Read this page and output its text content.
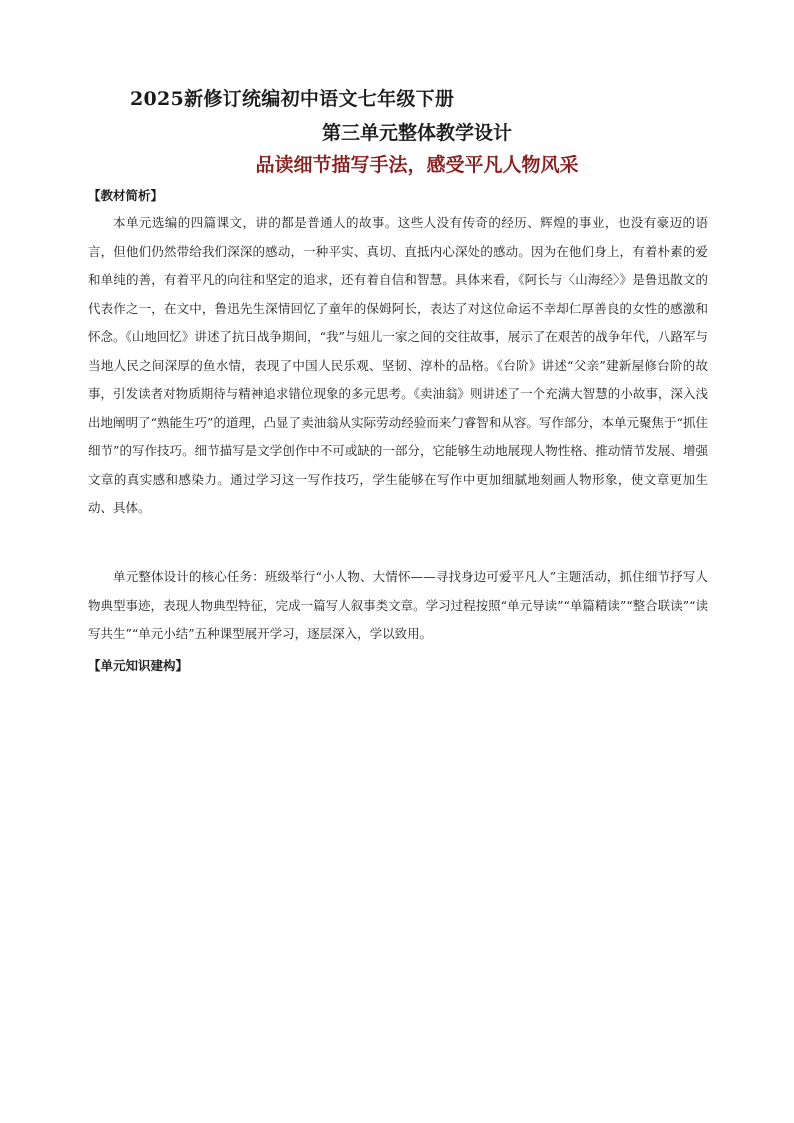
2025新修订统编初中语文七年级下册
第三单元整体教学设计
品读细节描写手法，感受平凡人物风采
【教材简析】

本单元选编的四篇课文，讲的都是普通人的故事。这些人没有传奇的经历、辉煌的事业，也没有豪迈的语言，但他们仍然带给我们深深的感动，一种平实、真切、直抵内心深处的感动。因为在他们身上，有着朴素的爱和单纯的善，有着平凡的向往和坚定的追求，还有着自信和智慧。具体来看，《阿长与〈山海经〉》是鲁迅散文的代表作之一，在文中，鲁迅先生深情回忆了童年的保姆阿长，表达了对这位命运不幸却仁厚善良的女性的感激和怀念。《山地回忆》讲述了抗日战争期间，“我”与妞儿一家之间的交往故事，展示了在艰苦的战争年代，八路军与当地人民之间深厚的鱼水情，表现了中国人民乐观、坚韧、淳朴的品格。《台阶》讲述“父亲”建新屋修台阶的故事，引发读者对物质期待与精神追求错位现象的多元思考。《卖油翁》则讲述了一个充满大智慧的小故事，深入浅出地阐明了“熟能生巧”的道理，凸显了卖油翁从实际劳动经验而来勹睿智和从容。写作部分，本单元聚焦于“抓住细节”的写作技巧。细节描写是文学创作中不可或缺的一部分，它能够生动地展现人物性格、推动情节发展、增强文章的真实感和感染力。通过学习这一写作技巧，学生能够在写作中更加细腻地刻画人物形象，使文章更加生动、具体。

单元整体设计的核心任务：班级举行“小人物、大情怀——寻找身边可爱平凡人”主题活动，抓住细节抒写人物典型事迹，表现人物典型特征，完成一篇写人叙事类文章。学习过程按照“单元导读”“单篇精读”“整合联读”“读写共生”“单元小结”五种课型展开学习，逐层深入，学以致用。

【单元知识建构】
